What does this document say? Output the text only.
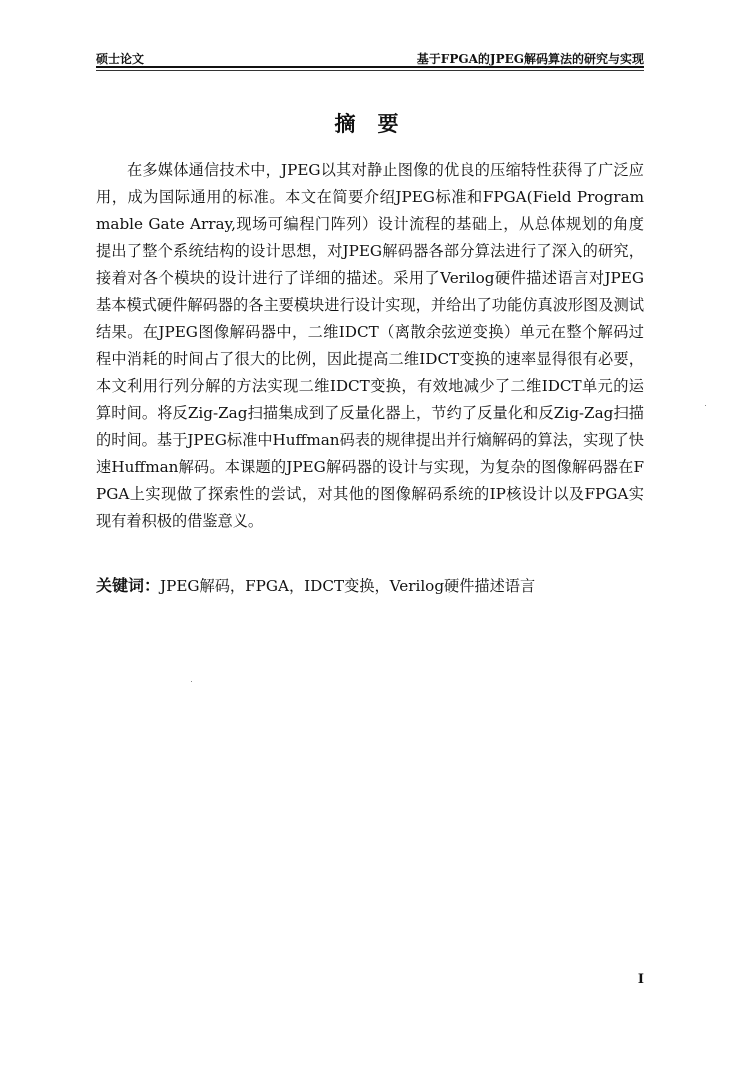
硕士论文	基于FPGA的JPEG解码算法的研究与实现
摘要

在多媒体通信技术中，JPEG以其对静止图像的优良的压缩特性获得了广泛应用，成为国际通用的标准。本文在简要介绍JPEG标准和FPGA(Field Programmable Gate Array,现场可编程门阵列）设计流程的基础上，从总体规划的角度提出了整个系统结构的设计思想，对JPEG解码器各部分算法进行了深入的研究，接着对各个模块的设计进行了详细的描述。采用了Verilog硬件描述语言对JPEG基本模式硬件解码器的各主要模块进行设计实现，并给出了功能仿真波形图及测试结果。在JPEG图像解码器中，二维IDCT（离散余弦逆变换）单元在整个解码过程中消耗的时间占了很大的比例，因此提高二维IDCT变换的速率显得很有必要，本文利用行列分解的方法实现二维IDCT变换，有效地减少了二维IDCT单元的运算时间。将反Zig-Zag扫描集成到了反量化器上，节约了反量化和反Zig-Zag扫描的时间。基于JPEG标准中Huffman码表的规律提出并行熵解码的算法，实现了快速Huffman解码。本课题的JPEG解码器的设计与实现，为复杂的图像解码器在FPGA上实现做了探索性的尝试，对其他的图像解码系统的IP核设计以及FPGA实现有着积极的借鉴意义。

关键词：JPEG解码，FPGA，IDCT变换，Verilog硬件描述语言
I
